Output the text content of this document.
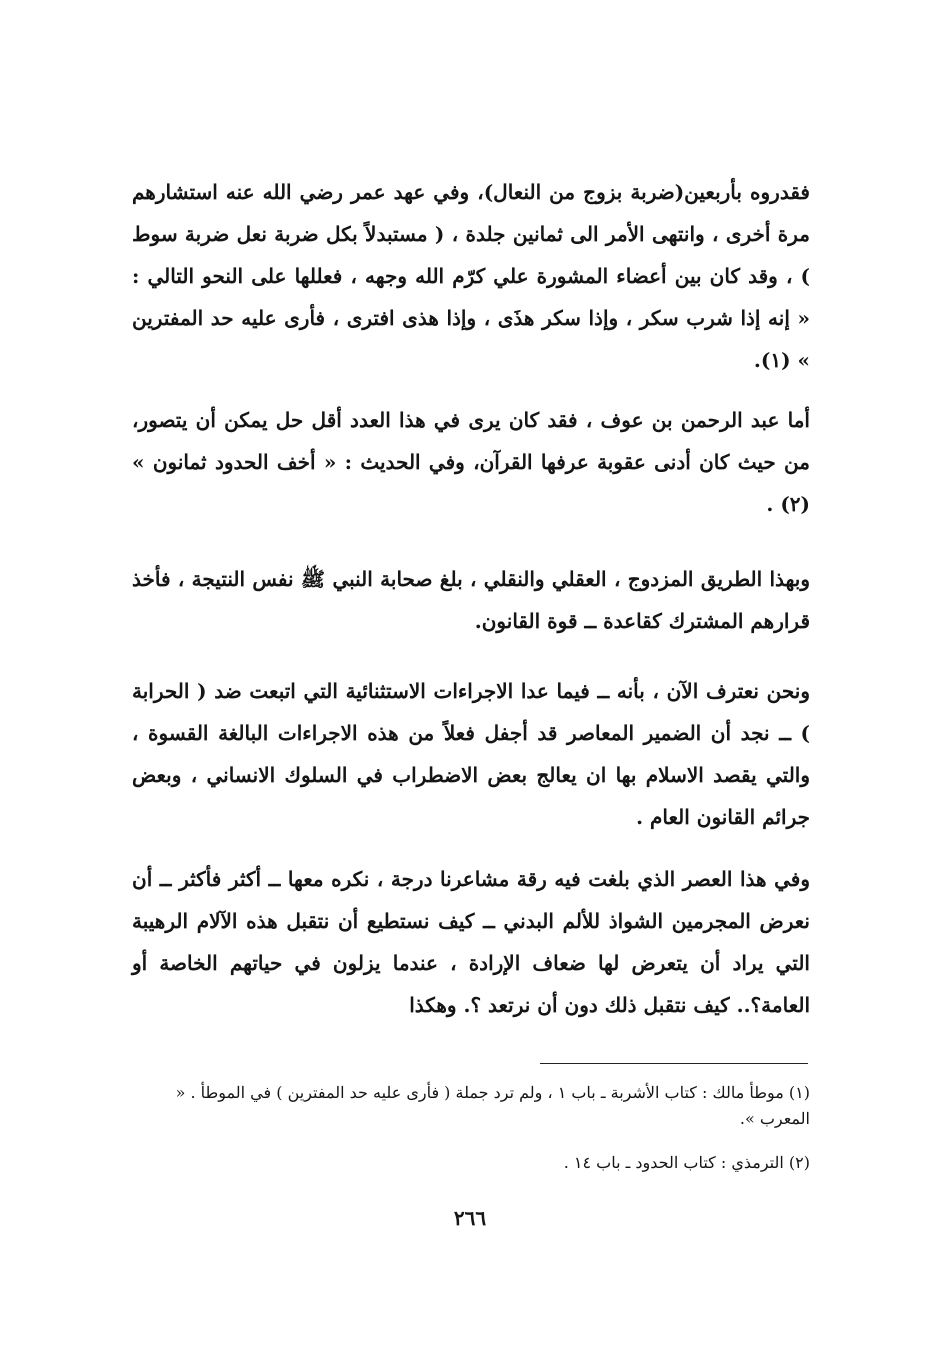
فقدروه بأربعين(ضربة بزوج من النعال)، وفي عهد عمر رضي الله عنه استشارهم مرة أخرى ، وانتهى الأمر الى ثمانين جلدة ، ( مستبدلاً بكل ضربة نعل ضربة سوط ) ، وقد كان بين أعضاء المشورة علي كرّم الله وجهه ، فعللها على النحو التالي : « إنه إذا شرب سكر ، وإذا سكر هذَى ، وإذا هذى افترى ، فأرى عليه حد المفترين » (١).

أما عبد الرحمن بن عوف ، فقد كان يرى في هذا العدد أقل حل يمكن أن يتصور، من حيث كان أدنى عقوبة عرفها القرآن، وفي الحديث : « أخف الحدود ثمانون » (٢) .

وبهذا الطريق المزدوج ، العقلي والنقلي ، بلغ صحابة النبي ﷺ نفس النتيجة ، فأخذ قرارهم المشترك كقاعدة ــ قوة القانون.

ونحن نعترف الآن ، بأنه ــ فيما عدا الاجراءات الاستثنائية التي اتبعت ضد ( الحرابة ) ــ نجد أن الضمير المعاصر قد أجفل فعلاً من هذه الاجراءات البالغة القسوة ، والتي يقصد الاسلام بها ان يعالج بعض الاضطراب في السلوك الانساني ، وبعض جرائم القانون العام .

وفي هذا العصر الذي بلغت فيه رقة مشاعرنا درجة ، نكره معها ــ أكثر فأكثر ــ أن نعرض المجرمين الشواذ للألم البدني ــ كيف نستطيع أن نتقبل هذه الآلام الرهيبة التي يراد أن يتعرض لها ضعاف الإرادة ، عندما يزلون في حياتهم الخاصة أو العامة؟.. كيف نتقبل ذلك دون أن نرتعد ؟. وهكذا

(١) موطأ مالك : كتاب الأشربة ـ باب ١ ، ولم ترد جملة ( فأرى عليه حد المفترين ) في الموطأ . « المعرب ».

(٢) الترمذي : كتاب الحدود ـ باب ١٤ .

٢٦٦
